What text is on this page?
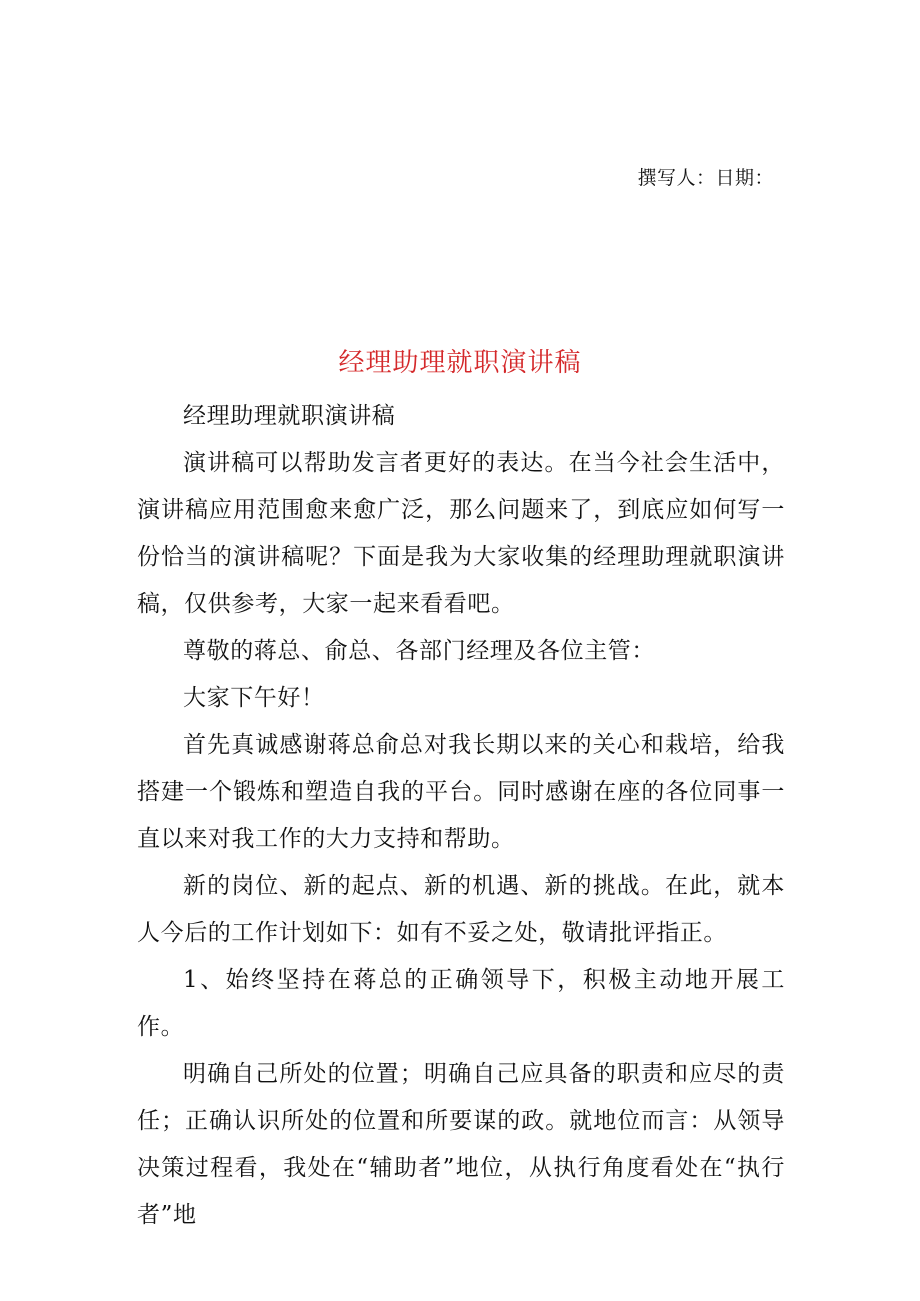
撰写人：日期：
经理助理就职演讲稿

经理助理就职演讲稿

演讲稿可以帮助发言者更好的表达。在当今社会生活中，演讲稿应用范围愈来愈广泛，那么问题来了，到底应如何写一份恰当的演讲稿呢？下面是我为大家收集的经理助理就职演讲稿，仅供参考，大家一起来看看吧。

尊敬的蒋总、俞总、各部门经理及各位主管：

大家下午好！

首先真诚感谢蒋总俞总对我长期以来的关心和栽培，给我搭建一个锻炼和塑造自我的平台。同时感谢在座的各位同事一直以来对我工作的大力支持和帮助。

新的岗位、新的起点、新的机遇、新的挑战。在此，就本人今后的工作计划如下：如有不妥之处，敬请批评指正。

1、始终坚持在蒋总的正确领导下，积极主动地开展工作。

明确自己所处的位置；明确自己应具备的职责和应尽的责任；正确认识所处的位置和所要谋的政。就地位而言：从领导决策过程看，我处在“辅助者”地位，从执行角度看处在“执行者”地
